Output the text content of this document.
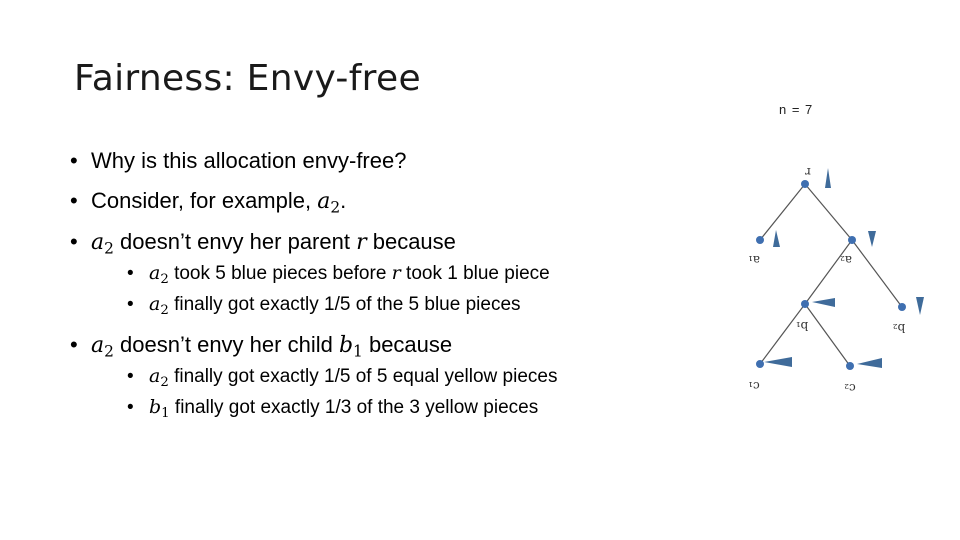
Fairness: Envy-free
• Why is this allocation envy-free?
• Consider, for example, $a_2$.
• $a_2$ doesn’t envy her parent r because
• $a_2$ took 5 blue pieces before r took 1 blue piece
• $a_2$ finally got exactly 1/5 of the 5 blue pieces
• $a_2$ doesn’t envy her child $b_1$ because
• $a_2$ finally got exactly 1/5 of 5 equal yellow pieces
• $b_1$ finally got exactly 1/3 of the 3 yellow pieces
n = 7
r
a₁	a₂
b₁	b₂
c₁	c₂
